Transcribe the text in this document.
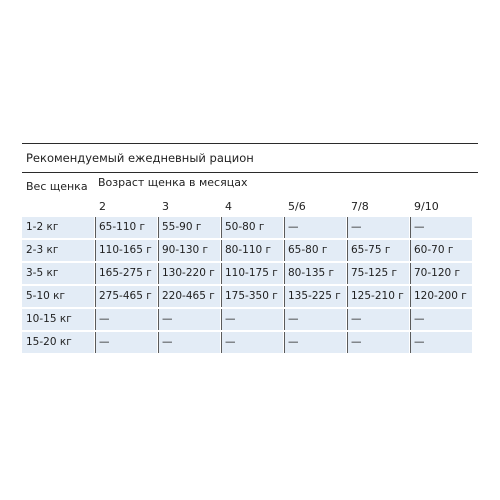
Рекомендуемый ежедневный рацион
Вес щенка Возраст щенка в месяцах
2	3	4	5/6	7/8	9/10
1-2 кг	65-110 г	55-90 г	50-80 г	—	—	—
2-3 кг	110-165 г 90-130 г	80-110 г	65-80 г	65-75 г	60-70 г
3-5 кг	165-275 г 130-220 г 110-175 г 80-135 г	75-125 г	70-120 г
5-10 кг	275-465 г 220-465 г 175-350 г 135-225 г 125-210 г 120-200 г
10-15 кг	—	—	—	—	—	—
15-20 кг	—	—	—	—	—	—
